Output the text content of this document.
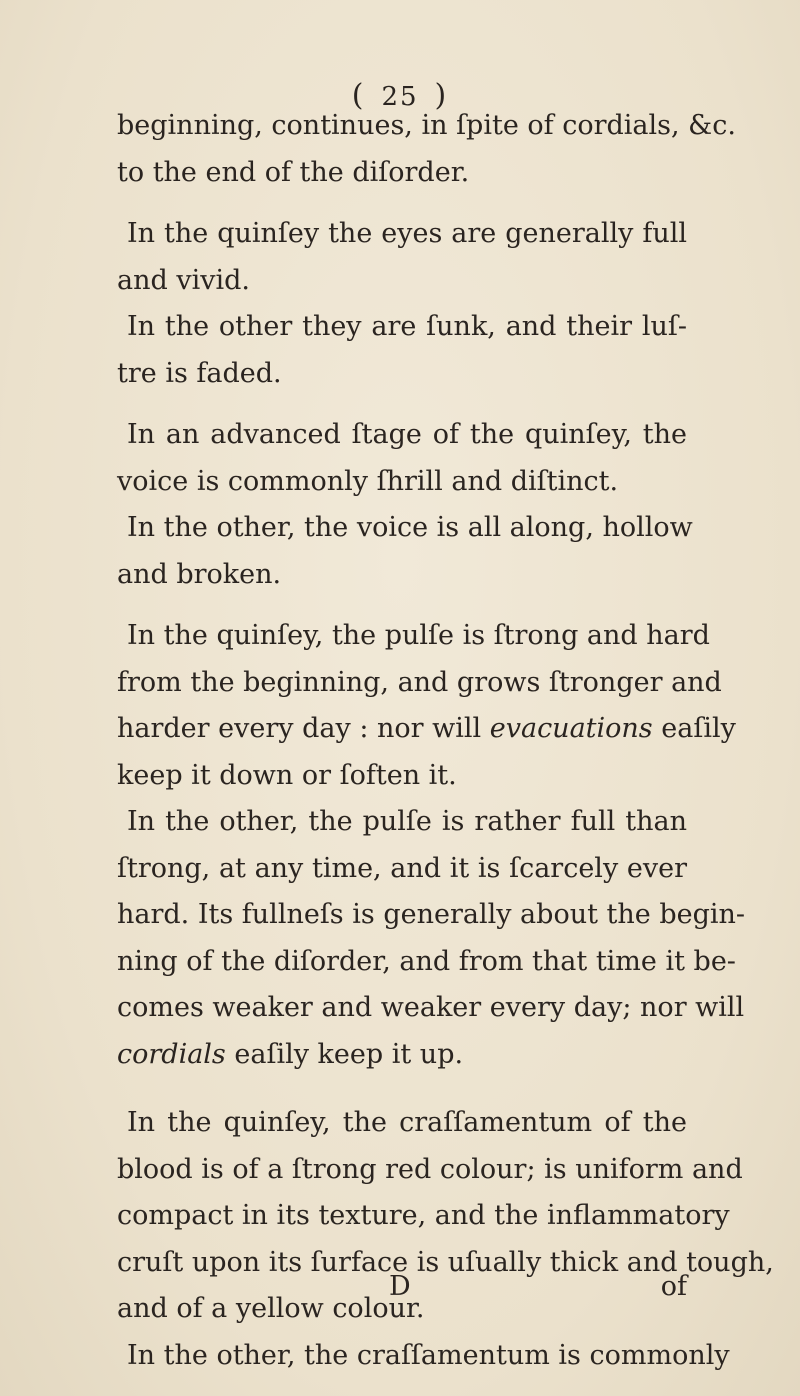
( 25 )
beginning, continues, in ſpite of cordials, &c.
to the end of the diſorder.
In the quinſey the eyes are generally full
and vivid.
In the other they are ſunk, and their luſ-
tre is faded.
In an advanced ſtage of the quinſey, the
voice is commonly ſhrill and diſtinct.
In the other, the voice is all along, hollow
and broken.
In the quinſey, the pulſe is ſtrong and hard
from the beginning, and grows ſtronger and
harder every day : nor will evacuations eaſily
keep it down or ſoften it.
In the other, the pulſe is rather full than
ſtrong, at any time, and it is ſcarcely ever
hard. Its fullneſs is generally about the begin-
ning of the diſorder, and from that time it be-
comes weaker and weaker every day; nor will
cordials eaſily keep it up.
In the quinſey, the craſſamentum of the
blood is of a ſtrong red colour; is uniform and
compact in its texture, and the inflammatory
cruſt upon its ſurface is uſually thick and tough,
and of a yellow colour.
In the other, the craſſamentum is commonly
D	of
